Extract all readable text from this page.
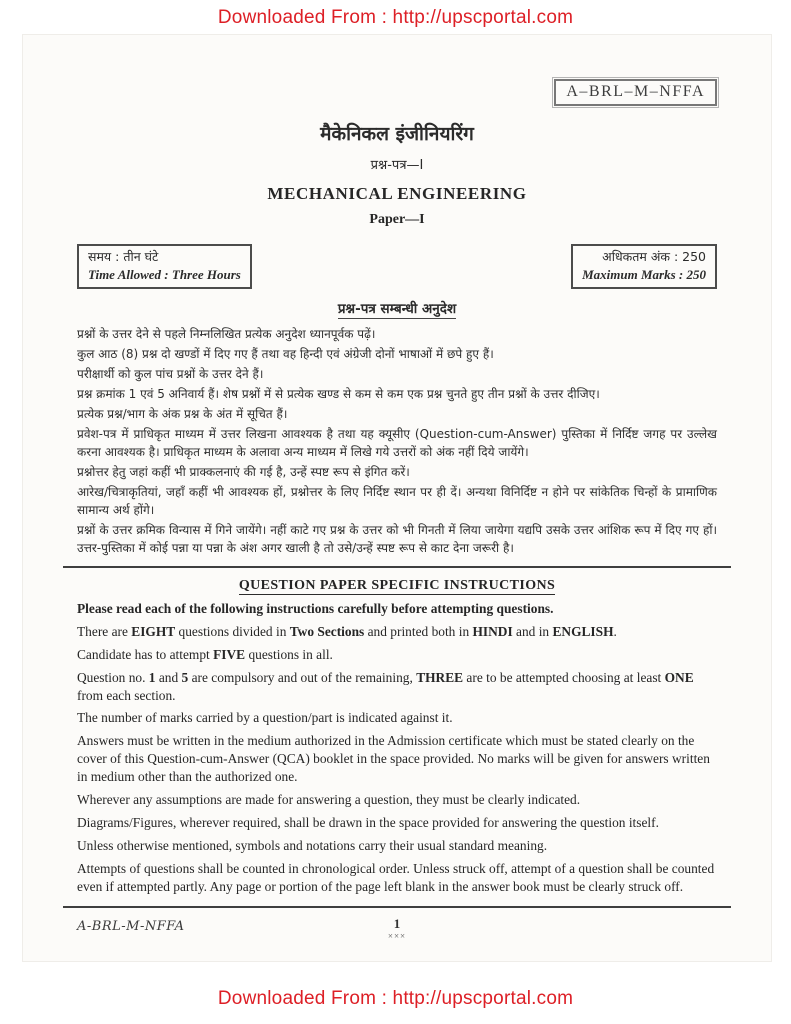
Downloaded From : http://upscportal.com
A–BRL–M–NFFA
मैकेनिकल इंजीनियरिंग
प्रश्न-पत्र—I
MECHANICAL ENGINEERING
Paper—I
समय : तीन घंटे
Time Allowed : Three Hours
अधिकतम अंक : 250
Maximum Marks : 250
प्रश्न-पत्र सम्बन्धी अनुदेश

प्रश्नों के उत्तर देने से पहले निम्नलिखित प्रत्येक अनुदेश ध्यानपूर्वक पढ़ें।

कुल आठ (8) प्रश्न दो खण्डों में दिए गए हैं तथा वह हिन्दी एवं अंग्रेजी दोनों भाषाओं में छपे हुए हैं।

परीक्षार्थी को कुल पांच प्रश्नों के उत्तर देने हैं।

प्रश्न क्रमांक 1 एवं 5 अनिवार्य हैं। शेष प्रश्नों में से प्रत्येक खण्ड से कम से कम एक प्रश्न चुनते हुए तीन प्रश्नों के उत्तर दीजिए।

प्रत्येक प्रश्न/भाग के अंक प्रश्न के अंत में सूचित हैं।

प्रवेश-पत्र में प्राधिकृत माध्यम में उत्तर लिखना आवश्यक है तथा यह क्यूसीए (Question-cum-Answer) पुस्तिका में निर्दिष्ट जगह पर उल्लेख करना आवश्यक है। प्राधिकृत माध्यम के अलावा अन्य माध्यम में लिखे गये उत्तरों को अंक नहीं दिये जायेंगे।

प्रश्नोत्तर हेतु जहां कहीं भी प्राक्कलनाएं की गई है, उन्हें स्पष्ट रूप से इंगित करें।

आरेख/चित्राकृतियां, जहाँ कहीं भी आवश्यक हों, प्रश्नोत्तर के लिए निर्दिष्ट स्थान पर ही दें। अन्यथा विनिर्दिष्ट न होने पर सांकेतिक चिन्हों के प्रामाणिक सामान्य अर्थ होंगे।

प्रश्नों के उत्तर क्रमिक विन्यास में गिने जायेंगे। नहीं काटे गए प्रश्न के उत्तर को भी गिनती में लिया जायेगा यद्यपि उसके उत्तर आंशिक रूप में दिए गए हों। उत्तर-पुस्तिका में कोई पन्ना या पन्ना के अंश अगर खाली है तो उसे/उन्हें स्पष्ट रूप से काट देना जरूरी है।

QUESTION PAPER SPECIFIC INSTRUCTIONS

Please read each of the following instructions carefully before attempting questions.

There are EIGHT questions divided in Two Sections and printed both in HINDI and in ENGLISH.

Candidate has to attempt FIVE questions in all.

Question no. 1 and 5 are compulsory and out of the remaining, THREE are to be attempted choosing at least ONE from each section.

The number of marks carried by a question/part is indicated against it.

Answers must be written in the medium authorized in the Admission certificate which must be stated clearly on the cover of this Question-cum-Answer (QCA) booklet in the space provided. No marks will be given for answers written in medium other than the authorized one.

Wherever any assumptions are made for answering a question, they must be clearly indicated.

Diagrams/Figures, wherever required, shall be drawn in the space provided for answering the question itself.

Unless otherwise mentioned, symbols and notations carry their usual standard meaning.

Attempts of questions shall be counted in chronological order. Unless struck off, attempt of a question shall be counted even if attempted partly. Any page or portion of the page left blank in the answer book must be clearly struck off.

A-BRL-M-NFFA	1
×××
Downloaded From : http://upscportal.com
